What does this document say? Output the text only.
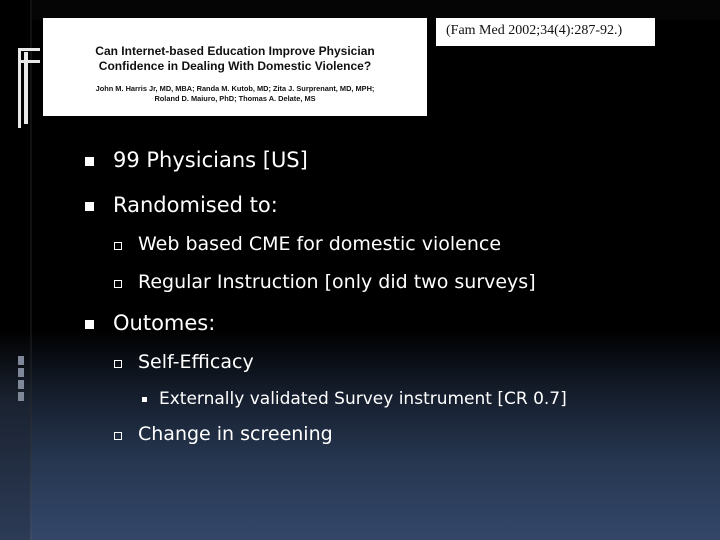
Can Internet-based Education Improve Physician
Confidence in Dealing With Domestic Violence?
John M. Harris Jr, MD, MBA; Randa M. Kutob, MD; Zita J. Surprenant, MD, MPH;
Roland D. Maiuro, PhD; Thomas A. Delate, MS
(Fam Med 2002;34(4):287-92.)
99 Physicians [US]
Randomised to:
Web based CME for domestic violence
Regular Instruction [only did two surveys]
Outomes:
Self-Efficacy
Externally validated Survey instrument [CR 0.7]
Change in screening
